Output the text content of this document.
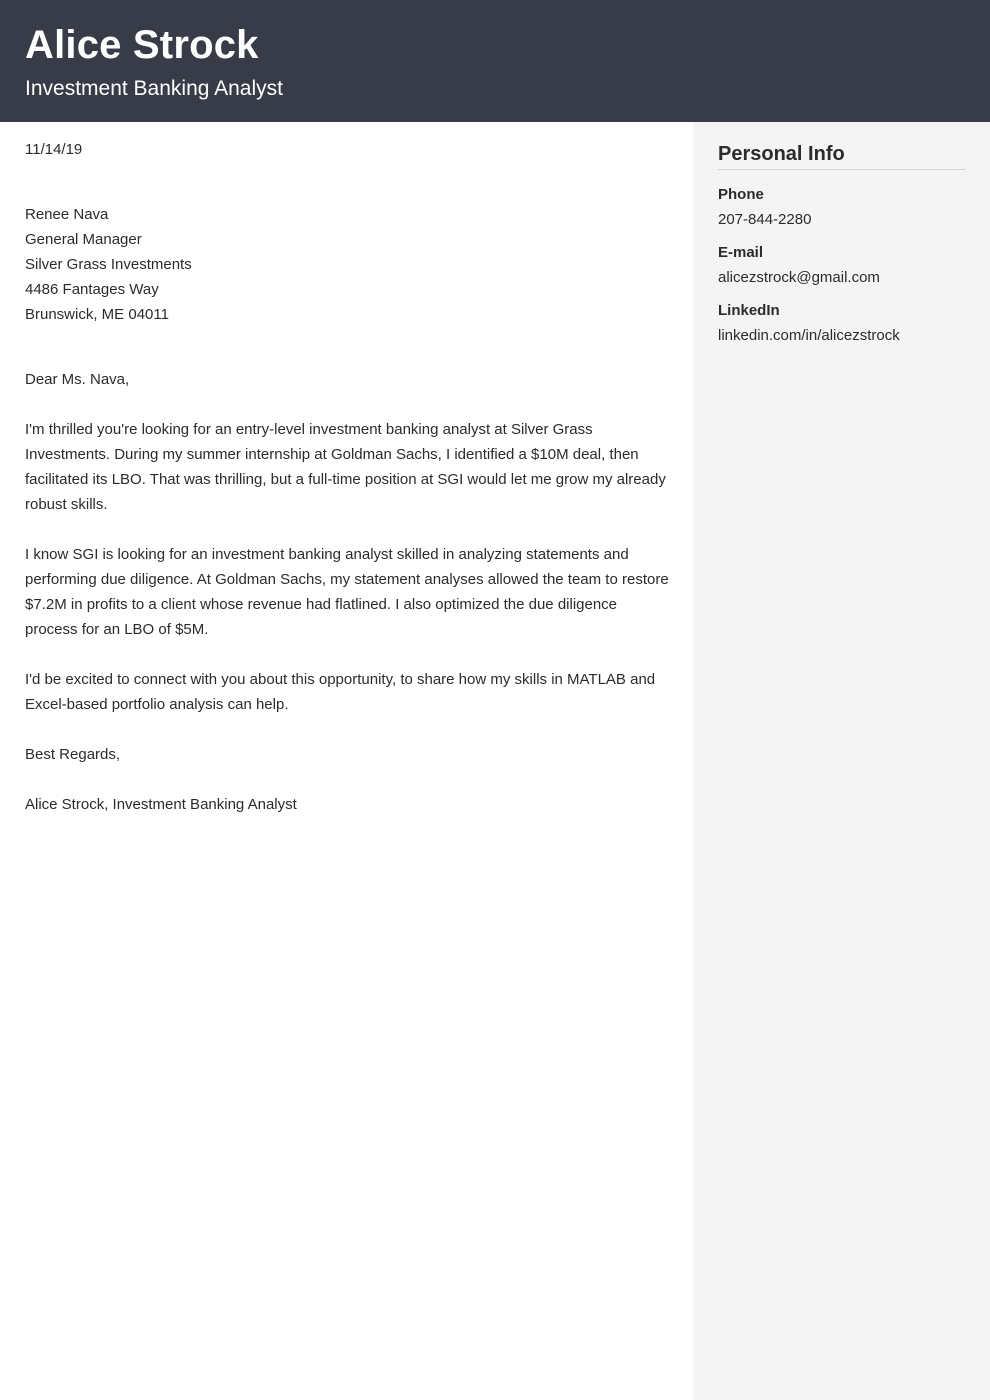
Alice Strock
Investment Banking Analyst
11/14/19
Renee Nava
General Manager
Silver Grass Investments
4486 Fantages Way
Brunswick, ME 04011

Dear Ms. Nava,

I'm thrilled you're looking for an entry-level investment banking analyst at Silver Grass Investments. During my summer internship at Goldman Sachs, I identified a $10M deal, then facilitated its LBO. That was thrilling, but a full-time position at SGI would let me grow my already robust skills.

I know SGI is looking for an investment banking analyst skilled in analyzing statements and performing due diligence. At Goldman Sachs, my statement analyses allowed the team to restore $7.2M in profits to a client whose revenue had flatlined. I also optimized the due diligence process for an LBO of $5M.

I'd be excited to connect with you about this opportunity, to share how my skills in MATLAB and Excel-based portfolio analysis can help.

Best Regards,

Alice Strock, Investment Banking Analyst

Personal Info
Phone
207-844-2280
E-mail
alicezstrock@gmail.com
LinkedIn
linkedin.com/in/alicezstrock
